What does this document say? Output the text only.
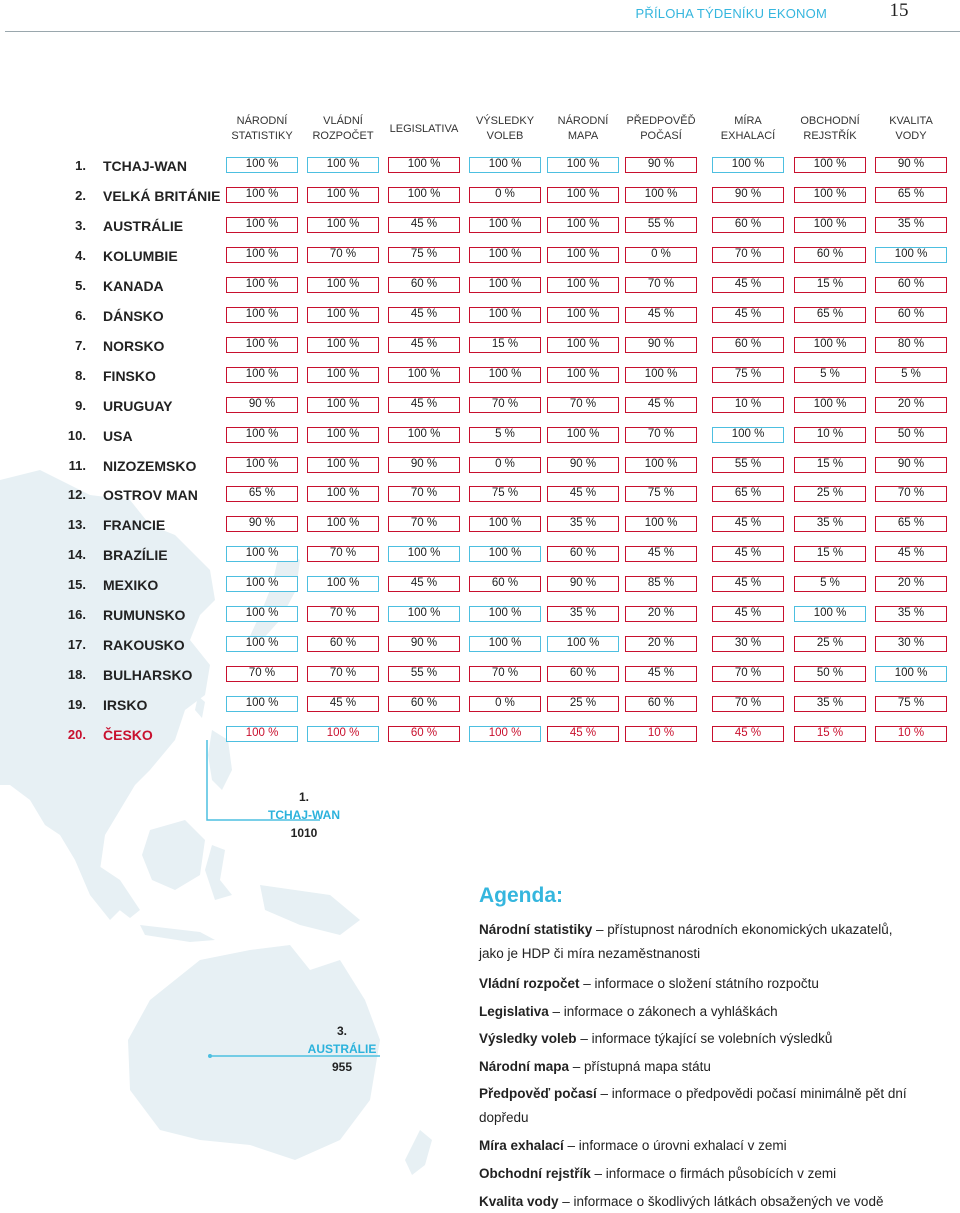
PŘÍLOHA TÝDENÍKU EKONOM	15
NÁRODNÍ
STATISTIKY
VLÁDNÍ
ROZPOČET
LEGISLATIVA
VÝSLEDKY
VOLEB
NÁRODNÍ
MAPA
PŘEDPOVĚĎ
POČASÍ
MÍRA
EXHALACÍ
OBCHODNÍ
REJSTŘÍK
KVALITA
VODY
1. TCHAJ-WAN	100 %	100 %	100 %	100 %	100 %	90 %	100 %	100 %	90 %
2. VELKÁ BRITÁNIE	100 %	100 %	100 %	0 %	100 %	100 %	90 %	100 %	65 %
3. AUSTRÁLIE	100 %	100 %	45 %	100 %	100 %	55 %	60 %	100 %	35 %
4. KOLUMBIE	100 %	70 %	75 %	100 %	100 %	0 %	70 %	60 %	100 %
5. KANADA	100 %	100 %	60 %	100 %	100 %	70 %	45 %	15 %	60 %
6. DÁNSKO	100 %	100 %	45 %	100 %	100 %	45 %	45 %	65 %	60 %
7. NORSKO	100 %	100 %	45 %	15 %	100 %	90 %	60 %	100 %	80 %
8. FINSKO	100 %	100 %	100 %	100 %	100 %	100 %	75 %	5 %	5 %
9. URUGUAY	90 %	100 %	45 %	70 %	70 %	45 %	10 %	100 %	20 %
10. USA	100 %	100 %	100 %	5 %	100 %	70 %	100 %	10 %	50 %
11. NIZOZEMSKO	100 %	100 %	90 %	0 %	90 %	100 %	55 %	15 %	90 %
12. OSTROV MAN	65 %	100 %	70 %	75 %	45 %	75 %	65 %	25 %	70 %
13. FRANCIE	90 %	100 %	70 %	100 %	35 %	100 %	45 %	35 %	65 %
14. BRAZÍLIE	100 %	70 %	100 %	100 %	60 %	45 %	45 %	15 %	45 %
15. MEXIKO	100 %	100 %	45 %	60 %	90 %	85 %	45 %	5 %	20 %
16. RUMUNSKO	100 %	70 %	100 %	100 %	35 %	20 %	45 %	100 %	35 %
17. RAKOUSKO	100 %	60 %	90 %	100 %	100 %	20 %	30 %	25 %	30 %
18. BULHARSKO	70 %	70 %	55 %	70 %	60 %	45 %	70 %	50 %	100 %
19. IRSKO	100 %	45 %	60 %	0 %	25 %	60 %	70 %	35 %	75 %
20. ČESKO	100 %	100 %	60 %	100 %	45 %	10 %	45 %	15 %	10 %
1.
TCHAJ-WAN
1010
3.
AUSTRÁLIE
955
Agenda:
Národní statistiky – přístupnost národních ekonomických ukazatelů, jako je HDP či míra nezaměstnanosti
Vládní rozpočet – informace o složení státního rozpočtu
Legislativa – informace o zákonech a vyhláškách
Výsledky voleb – informace týkající se volebních výsledků
Národní mapa – přístupná mapa státu
Předpověď počasí – informace o předpovědi počasí minimálně pět dní dopředu
Míra exhalací – informace o úrovni exhalací v zemi
Obchodní rejstřík – informace o firmách působících v zemi
Kvalita vody – informace o škodlivých látkách obsažených ve vodě
